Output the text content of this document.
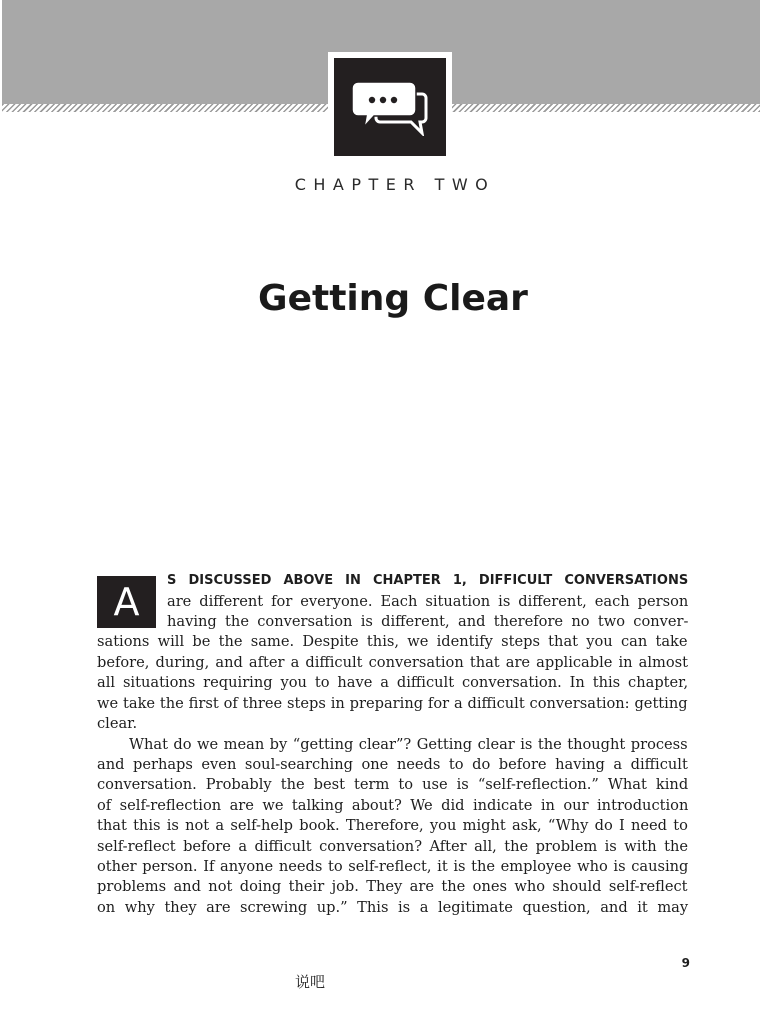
CHAPTER TWO
Getting Clear
A	S DISCUSSED ABOVE IN CHAPTER 1, DIFFICULT CONVERSATIONS
are different for everyone. Each situation is different, each person
having the conversation is different, and therefore no two conver-
sations will be the same. Despite this, we identify steps that you can take
before, during, and after a difficult conversation that are applicable in almost
all situations requiring you to have a difficult conversation. In this chapter,
we take the first of three steps in preparing for a difficult conversation: getting
clear.
What do we mean by “getting clear”? Getting clear is the thought process
and perhaps even soul-searching one needs to do before having a difficult
conversation. Probably the best term to use is “self-reflection.” What kind
of self-reflection are we talking about? We did indicate in our introduction
that this is not a self-help book. Therefore, you might ask, “Why do I need to
self-reflect before a difficult conversation? After all, the problem is with the
other person. If anyone needs to self-reflect, it is the employee who is causing
problems and not doing their job. They are the ones who should self-reflect
on why they are screwing up.” This is a legitimate question, and it may
9
说吧
